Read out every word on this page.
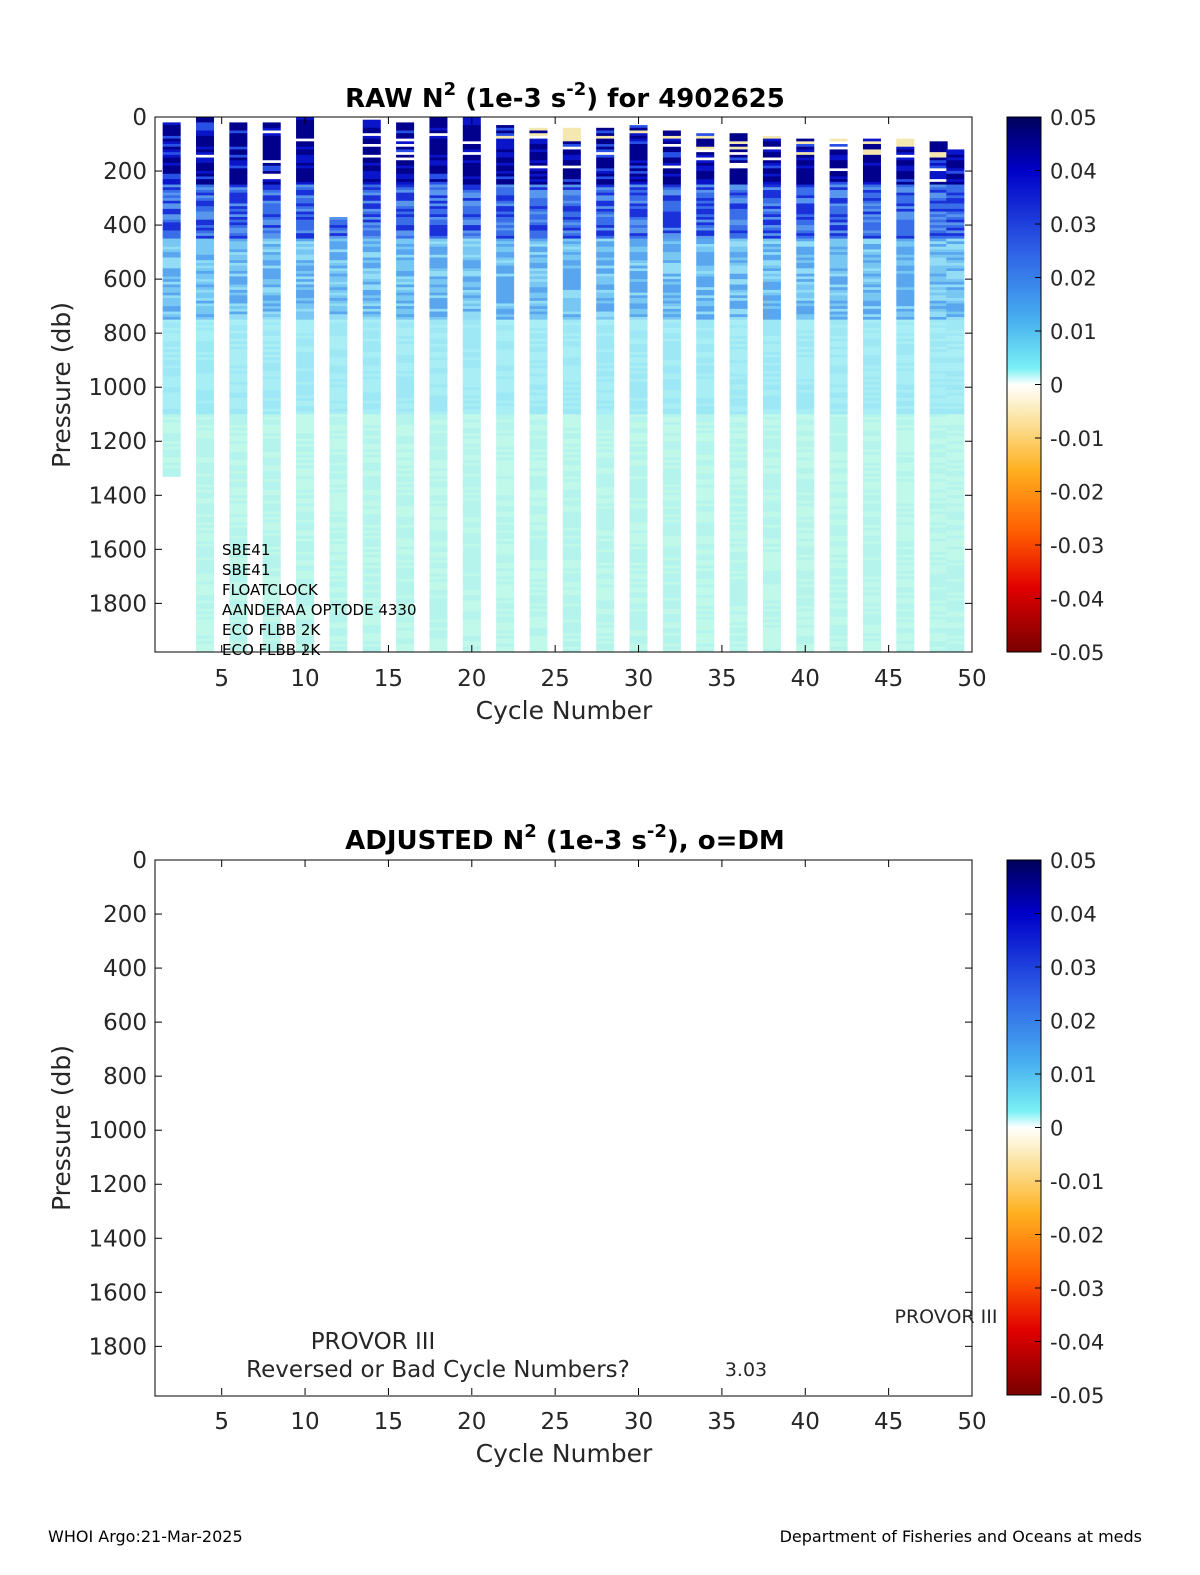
RAW $N^2$ (1e-3 $s^{-2}$) for 4902625
5	10 15 20 25 30 35 40 45 50
0
200
400
600
800
1000
1200
1400
1600
1800
Cycle Number
Pressure (db)
SBE41
SBE41
FLOATCLOCK
AANDERAA OPTODE 4330
ECO FLBB 2K
ECO FLBB 2K
0.05
0.04
0.03
0.02
0.01
0
-0.01
-0.02
-0.03
-0.04
-0.05
ADJUSTED $N^2$ (1e-3 $s^{-2}$), o=DM
5	10 15 20 25 30 35 40 45 50
0
200
400
600
800
1000
1200
1400
1600
1800
Cycle Number
Pressure (db)
PROVOR III
Reversed or Bad Cycle Numbers?	3.03
PROVOR III
0.05
0.04
0.03
0.02
0.01
0
-0.01
-0.02
-0.03
-0.04
-0.05
WHOI Argo:21-Mar-2025	Department of Fisheries and Oceans at meds
